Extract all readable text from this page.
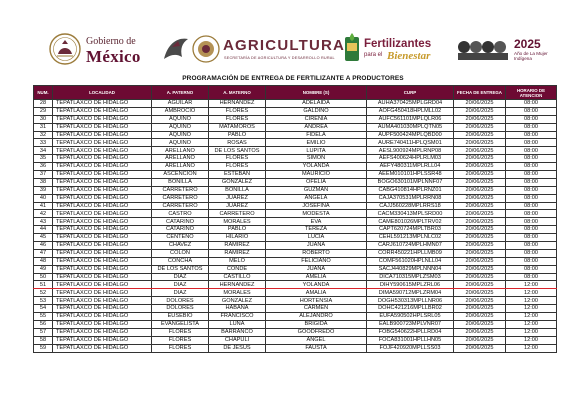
Gobierno de
México
AGRICULTURA
SECRETARÍA DE AGRICULTURA Y DESARROLLO RURAL
Fertilizantes
para el Bienestar
2025
Año de La Mujer Indígena
PROGRAMACIÓN DE ENTREGA DE FERTILIZANTE A PRODUCTORES
NUM.	LOCALIDAD	A. PATERNO	A. MATERNO	NOMBRE (S)	CURP	FECHA DE ENTREGA	HORARIO DE ATENCION
28	TEPATLAXCO DE HIDALGO	AGUILAR	HERNANDEZ	ADELAIDA	AUHA370425MPLGRD04	20/06/2025	08:00
29	TEPATLAXCO DE HIDALGO	AMBROCIO	FLORES	GALDINO	AOFG450418HPLMLL02	20/06/2025	08:00
30	TEPATLAXCO DE HIDALGO	AQUINO	FLORES	CIRENIA	AUFC561101MPLQLR06	20/06/2025	08:00
31	TEPATLAXCO DE HIDALGO	AQUINO	MATAMOROS	ANDREA	AUMA401030MPLQTN05	20/06/2025	08:00
32	TEPATLAXCO DE HIDALGO	AQUINO	PABLO	FIDELA	AUPF500424MPLQBD00	20/06/2025	08:00
33	TEPATLAXCO DE HIDALGO	AQUINO	ROSAS	EMILIO	AURE740411HPLQSM01	20/06/2025	08:00
34	TEPATLAXCO DE HIDALGO	ARELLANO	DE LOS SANTOS	LUPITA	AESL900924MPLRNP08	20/06/2025	08:00
35	TEPATLAXCO DE HIDALGO	ARELLANO	FLORES	SIMON	AEFS400624HPLRLM03	20/06/2025	08:00
36	TEPATLAXCO DE HIDALGO	ARELLANO	FLORES	YOLANDA	AEFY480311MPLRLL04	20/06/2025	08:00
37	TEPATLAXCO DE HIDALGO	ASCENCION	ESTEBAN	MAURICIO	AEEM010101HPLSSR48	20/06/2025	08:00
38	TEPATLAXCO DE HIDALGO	BONILLA	GONZALEZ	OFELIA	BOGO630101MPLNNF07	20/06/2025	08:00
39	TEPATLAXCO DE HIDALGO	CARRETERO	BONILLA	GUZMAN	CABG410814HPLRNZ01	20/06/2025	08:00
40	TEPATLAXCO DE HIDALGO	CARRETERO	JUAREZ	ANGELA	CAJA370531MPLRRN08	20/06/2025	08:00
41	TEPATLAXCO DE HIDALGO	CARRETERO	JUAREZ	JOSEFINA	CAJJ560228MPLRRS18	20/06/2025	08:00
42	TEPATLAXCO DE HIDALGO	CASTRO	CARRETERO	MODESTA	CACM330413MPLSRD00	20/06/2025	08:00
43	TEPATLAXCO DE HIDALGO	CATARINO	MORALES	EVA	CAME801026MPLTRV02	20/06/2025	08:00
44	TEPATLAXCO DE HIDALGO	CATARINO	PABLO	TEREZA	CAPT620724MPLTBR03	20/06/2025	08:00
45	TEPATLAXCO DE HIDALGO	CENTENO	HILARIO	LUCIA	CEHL591213MPLNLC02	20/06/2025	08:00
46	TEPATLAXCO DE HIDALGO	CHAVEZ	RAMIREZ	JUANA	CARJ610724MPLHMN07	20/06/2025	08:00
47	TEPATLAXCO DE HIDALGO	COLON	RAMIREZ	ROBERTO	CORR450221HPLLMB09	20/06/2025	08:00
48	TEPATLAXCO DE HIDALGO	CONCHA	MELO	FELICIANO	COMF561020HPLNLL04	20/06/2025	08:00
49	TEPATLAXCO DE HIDALGO	DE LOS SANTOS	CONDE	JUANA	SACJ440829MPLNNN04	20/06/2025	08:00
50	TEPATLAXCO DE HIDALGO	DIAZ	CASTILLO	AMELIA	DICA710315MPLZSM03	20/06/2025	08:00
51	TEPATLAXCO DE HIDALGO	DIAZ	HERNANDEZ	YOLANDA	DIHY590615MPLZRL06	20/06/2025	12:00
52	TEPATLAXCO DE HIDALGO	DIAZ	MORALES	AMALIA	DIMA590712MPLZRM04	20/06/2025	12:00
53	TEPATLAXCO DE HIDALGO	DOLORES	GONZALEZ	HORTENSIA	DOGH530313MPLLNR06	20/06/2025	12:00
54	TEPATLAXCO DE HIDALGO	DOLORES	HABANA	CARMEN	DOHC421216MPLLBR02	20/06/2025	12:00
55	TEPATLAXCO DE HIDALGO	EUSEBIO	FRANCISCO	ALEJANDRO	EUFA590502HPLSRL05	20/06/2025	12:00
56	TEPATLAXCO DE HIDALGO	EVANGELISTA	LUNA	BRIGIDA	EALB900723MPLVNR07	20/06/2025	12:00
57	TEPATLAXCO DE HIDALGO	FLORES	BARRANCO	GOODFREDO	FOBG540622HPLLRD04	20/06/2025	12:00
58	TEPATLAXCO DE HIDALGO	FLORES	CHAPULI	ANGEL	FOCA831001HPLLHN05	20/06/2025	12:00
59	TEPATLAXCO DE HIDALGO	FLORES	DE JESUS	FAUSTA	FOJF420920MPLLSS03	20/06/2025	12:00
